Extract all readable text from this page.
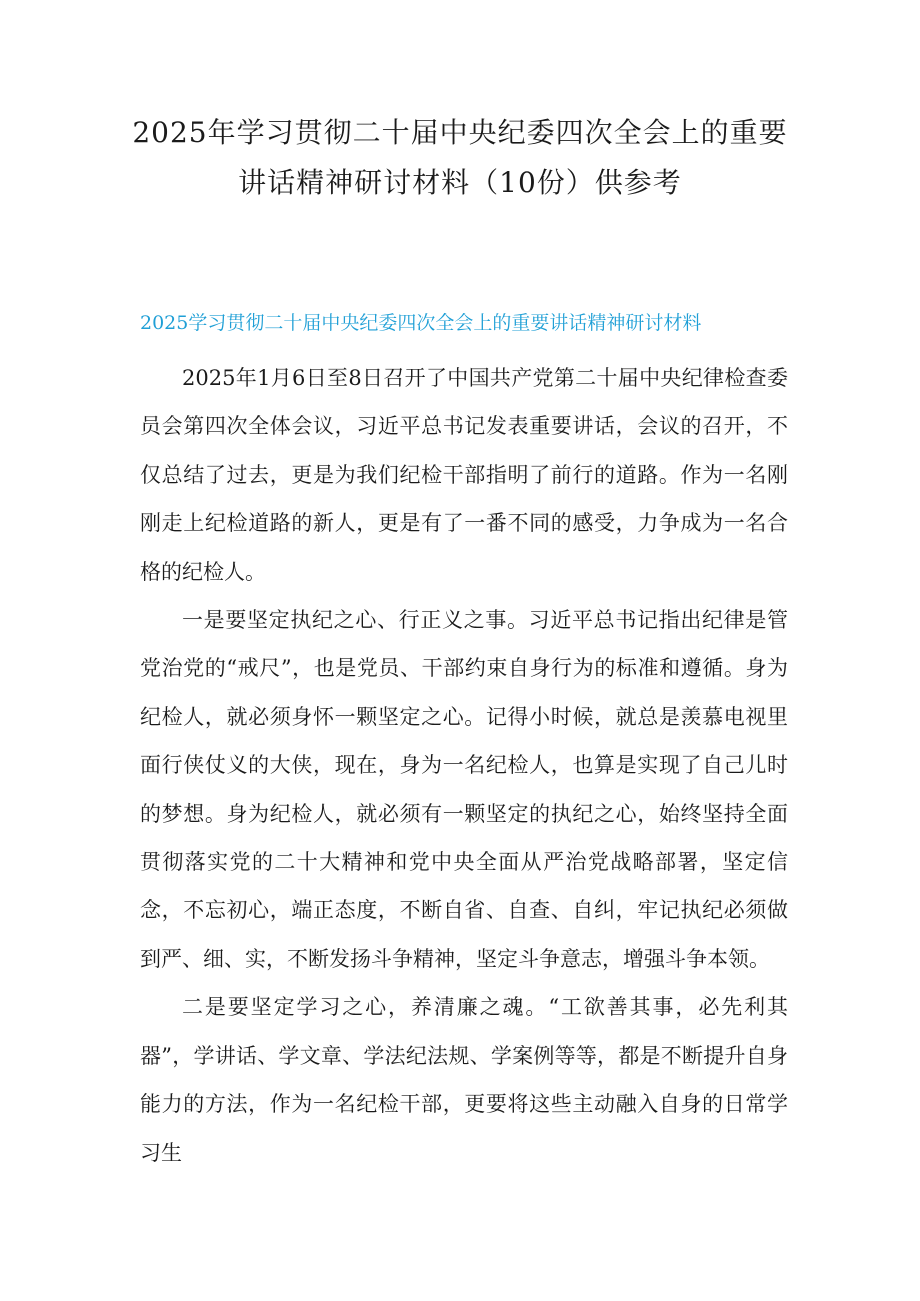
2025年学习贯彻二十届中央纪委四次全会上的重要
讲话精神研讨材料（10份）供参考
2025学习贯彻二十届中央纪委四次全会上的重要讲话精神研讨材料

2025年1月6日至8日召开了中国共产党第二十届中央纪律检查委员会第四次全体会议，习近平总书记发表重要讲话，会议的召开，不仅总结了过去，更是为我们纪检干部指明了前行的道路。作为一名刚刚走上纪检道路的新人，更是有了一番不同的感受，力争成为一名合格的纪检人。

一是要坚定执纪之心、行正义之事。习近平总书记指出纪律是管党治党的“戒尺”，也是党员、干部约束自身行为的标准和遵循。身为纪检人，就必须身怀一颗坚定之心。记得小时候，就总是羡慕电视里面行侠仗义的大侠，现在，身为一名纪检人，也算是实现了自己儿时的梦想。身为纪检人，就必须有一颗坚定的执纪之心，始终坚持全面贯彻落实党的二十大精神和党中央全面从严治党战略部署，坚定信念，不忘初心，端正态度，不断自省、自查、自纠，牢记执纪必须做到严、细、实，不断发扬斗争精神，坚定斗争意志，增强斗争本领。

二是要坚定学习之心，养清廉之魂。“工欲善其事，必先利其器”，学讲话、学文章、学法纪法规、学案例等等，都是不断提升自身能力的方法，作为一名纪检干部，更要将这些主动融入自身的日常学习生
